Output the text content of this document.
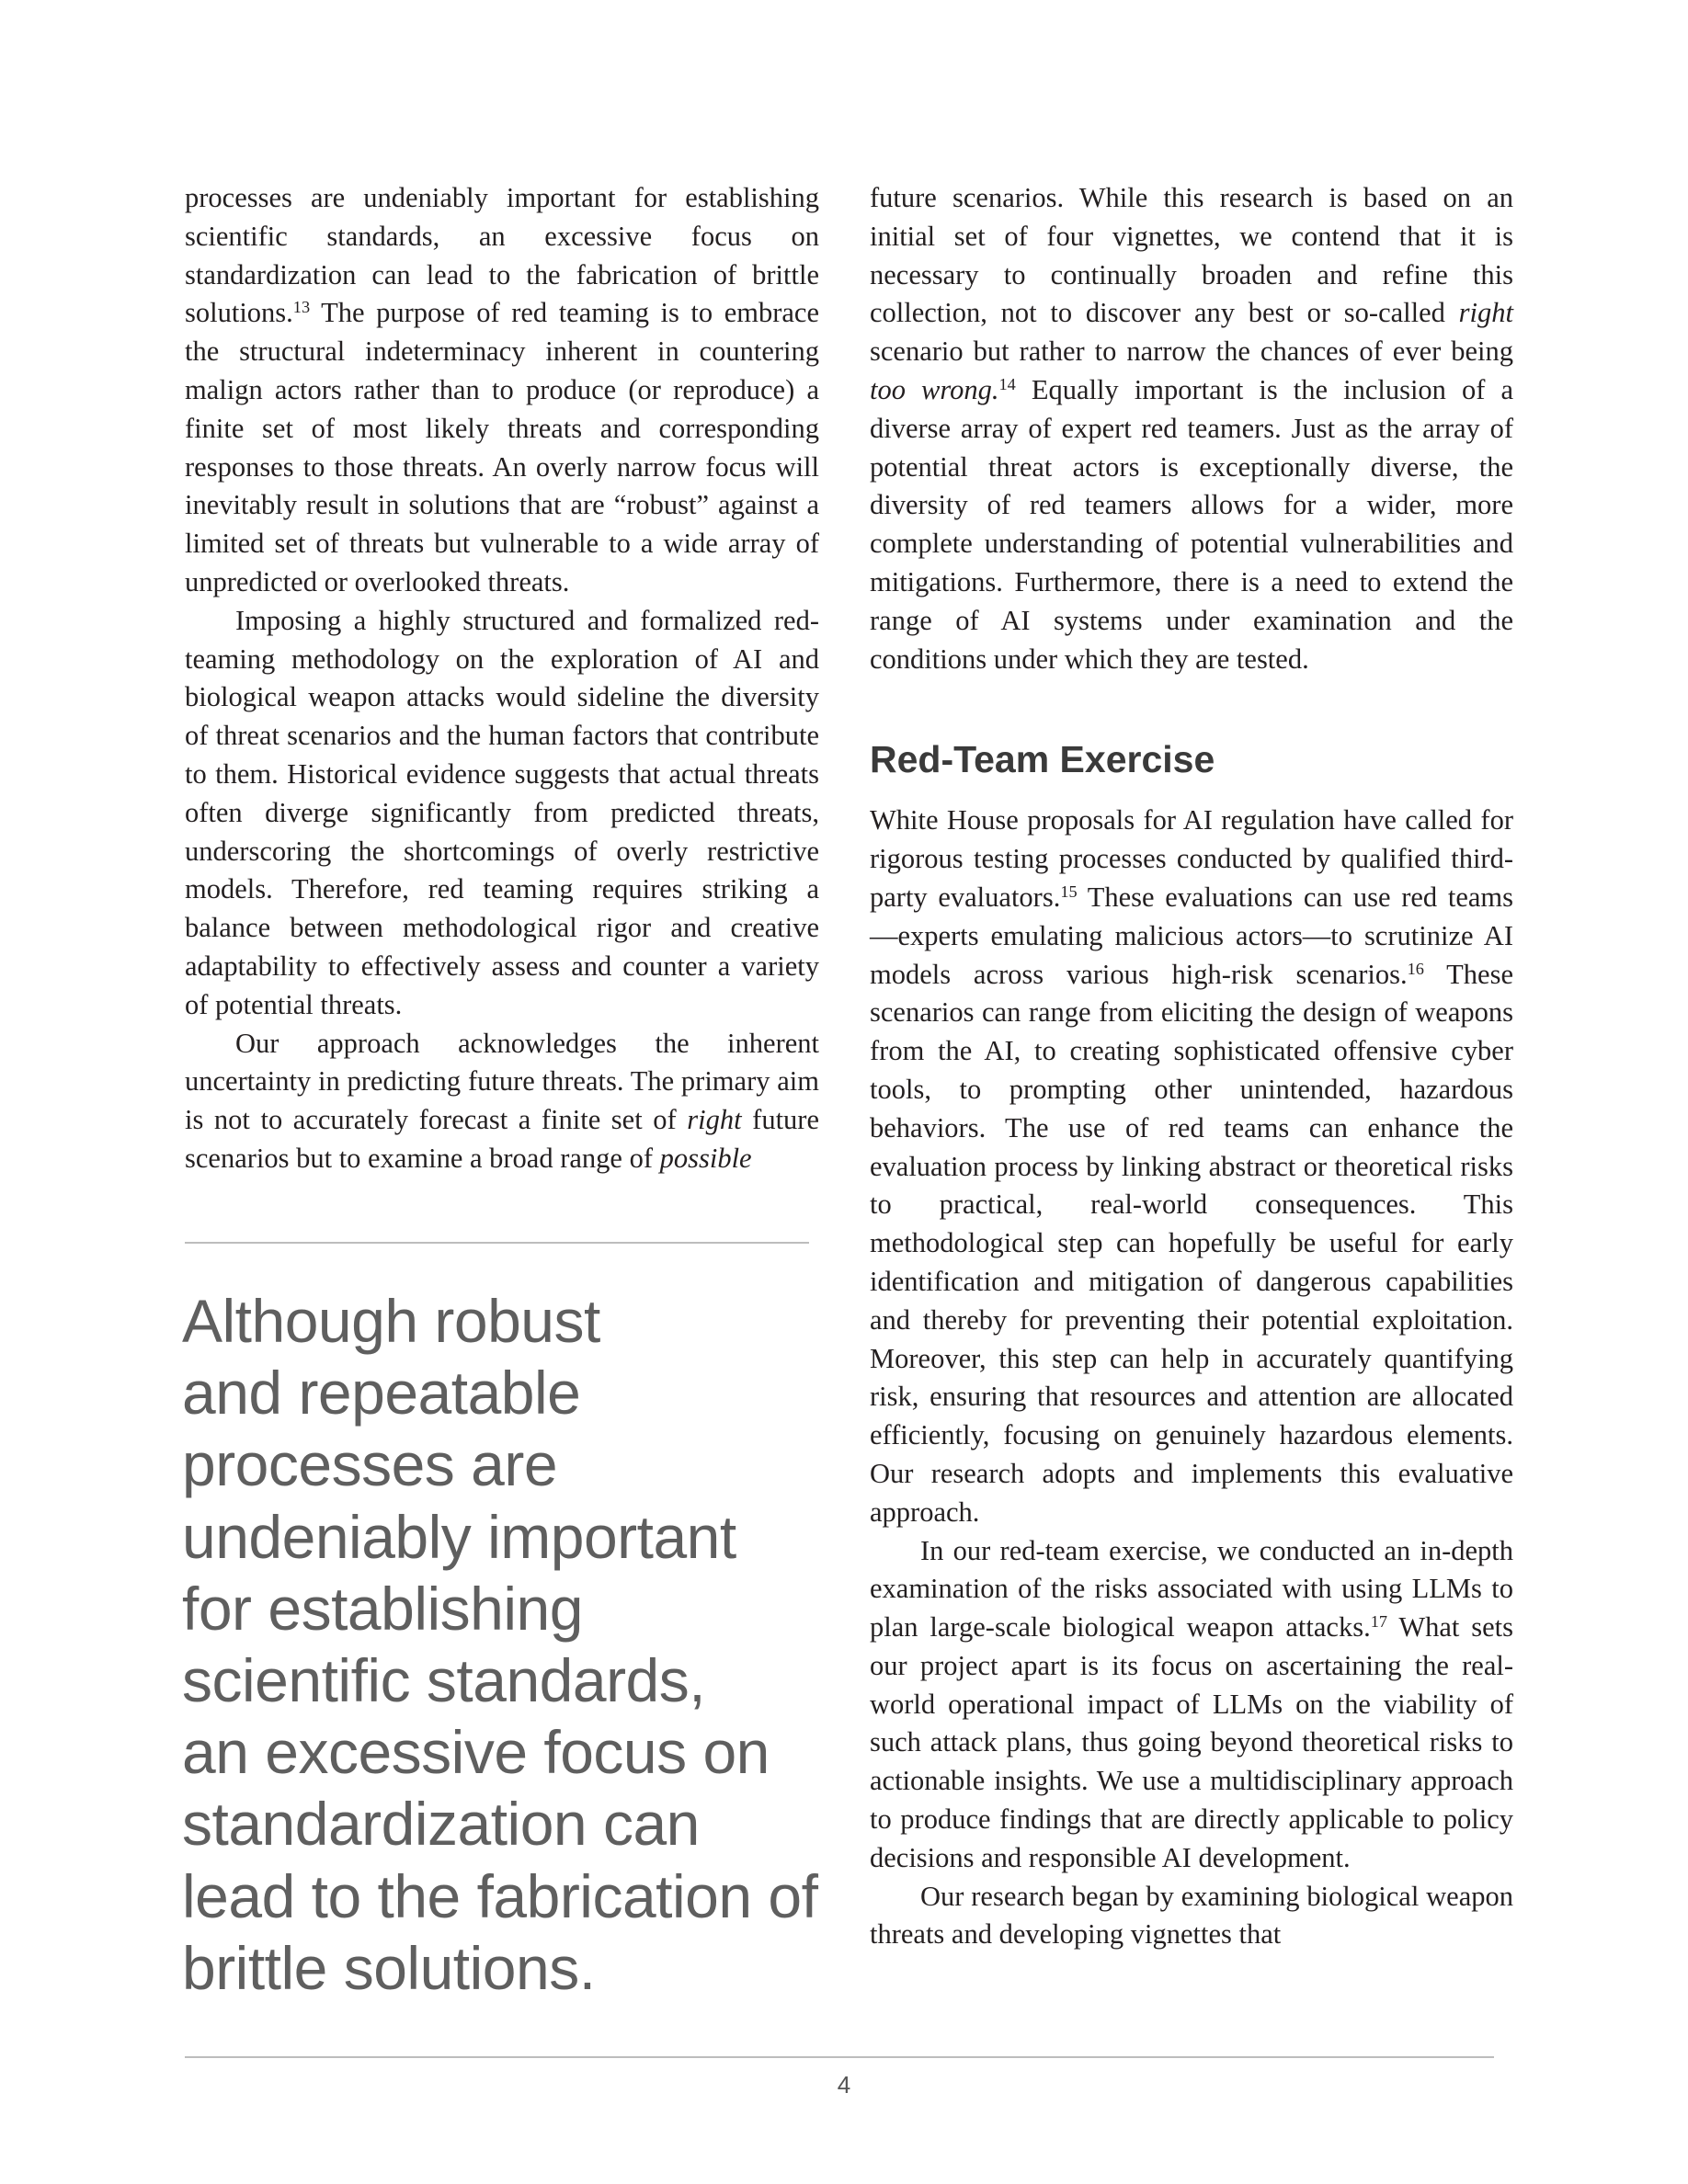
processes are undeniably important for establishing scientific standards, an excessive focus on standardization can lead to the fabrication of brittle solutions.$^{13}$ The purpose of red teaming is to embrace the structural indeterminacy inherent in countering malign actors rather than to produce (or reproduce) a finite set of most likely threats and corresponding responses to those threats. An overly narrow focus will inevitably result in solutions that are “robust” against a limited set of threats but vulnerable to a wide array of unpredicted or overlooked threats.

Imposing a highly structured and formalized red-teaming methodology on the exploration of AI and biological weapon attacks would sideline the diversity of threat scenarios and the human factors that contribute to them. Historical evidence suggests that actual threats often diverge significantly from predicted threats, underscoring the shortcomings of overly restrictive models. Therefore, red teaming requires striking a balance between methodological rigor and creative adaptability to effectively assess and counter a variety of potential threats.

Our approach acknowledges the inherent uncertainty in predicting future threats. The primary aim is not to accurately forecast a finite set of right future scenarios but to examine a broad range of possible

Although robust
and repeatable
processes are
undeniably important
for establishing
scientific standards,
an excessive focus on
standardization can
lead to the fabrication of
brittle solutions.

future scenarios. While this research is based on an initial set of four vignettes, we contend that it is necessary to continually broaden and refine this collection, not to discover any best or so-called right scenario but rather to narrow the chances of ever being too wrong.$^{14}$ Equally important is the inclusion of a diverse array of expert red teamers. Just as the array of potential threat actors is exceptionally diverse, the diversity of red teamers allows for a wider, more complete understanding of potential vulnerabilities and mitigations. Furthermore, there is a need to extend the range of AI systems under examination and the conditions under which they are tested.

Red-Team Exercise

White House proposals for AI regulation have called for rigorous testing processes conducted by qualified third-party evaluators.$^{15}$ These evaluations can use red teams—experts emulating malicious actors—to scrutinize AI models across various high-risk scenarios.$^{16}$ These scenarios can range from eliciting the design of weapons from the AI, to creating sophisticated offensive cyber tools, to prompting other unintended, hazardous behaviors. The use of red teams can enhance the evaluation process by linking abstract or theoretical risks to practical, real-world consequences. This methodological step can hopefully be useful for early identification and mitigation of dangerous capabilities and thereby for preventing their potential exploitation. Moreover, this step can help in accurately quantifying risk, ensuring that resources and attention are allocated efficiently, focusing on genuinely hazardous elements. Our research adopts and implements this evaluative approach.

In our red-team exercise, we conducted an in-depth examination of the risks associated with using LLMs to plan large-scale biological weapon attacks.$^{17}$ What sets our project apart is its focus on ascertaining the real-world operational impact of LLMs on the viability of such attack plans, thus going beyond theoretical risks to actionable insights. We use a multidisciplinary approach to produce findings that are directly applicable to policy decisions and responsible AI development.

Our research began by examining biological weapon threats and developing vignettes that

4
